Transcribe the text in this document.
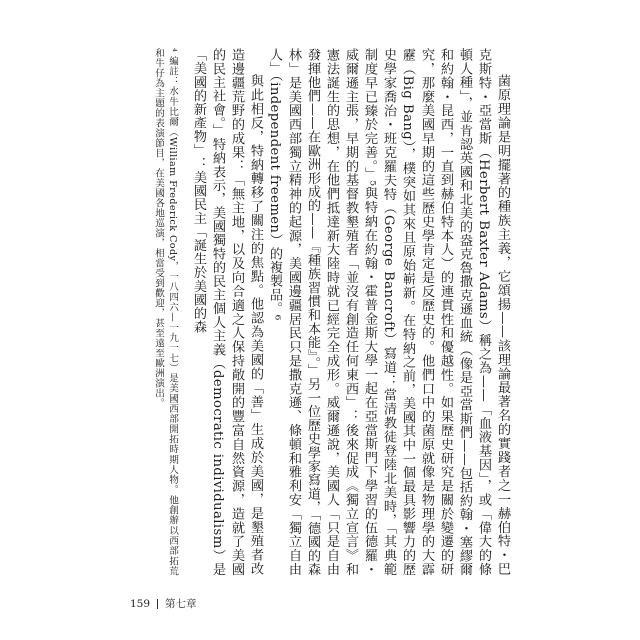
菌原理論是明擺著的種族主義，它頌揚——該理論最著名的實踐者之一赫伯特・巴克斯特・亞當斯（Herbert Baxter Adams）稱之為——「血液基因」，或「偉大的條頓人種」，並肯認英國和北美的盎克魯撒克遜血統（像是亞當斯們——包括約翰・塞繆爾和約翰・昆西，一直到赫伯特本人）的連貫性和優越性。如果歷史研究是關於變遷的研究，那麼美國早期的這些歷史學肯定是反歷史的。他們口中的菌原就像是物理學的大霹靂（Big Bang），樸突如其來且原始嶄新。在特納之前，美國其中一個最具影響力的歷史學家喬治・班克羅夫特（George Bancroft）寫道：當清教徒登陸北美時，「其典範制度早已臻於完善。」⁵與特納在約翰・霍普金斯大學一起在亞當斯門下學習的伍德羅・威爾遜主張，早期的基督教墾殖者「並沒有創造任何東西」：後來促成《獨立宣言》和憲法誕生的思想，在他們抵達新大陸時就已經完全成形。威爾遜說，美國人「只是自由發揮他們——在歐洲形成的——『種族習慣和本能』。」另一位歷史學家寫道，「德國的森林」是美國西部獨立精神的起源，美國邊疆居民只是撒克遜、條頓和雅利安「獨立自由人」（independent freemen）的複製品。⁶

與此相反，特納轉移了關注的焦點。他認為美國的「善」生成於美國，是墾殖者改造邊疆荒野的成果：「無主地，以及向合適之人保持敞開的豐富自然資源，造就了美國的民主社會。」特納表示，美國獨特的民主個人主義（democratic individualism）是「美國的新產物」：美國民主「誕生於美國的森

⁴ 編註：水牛比爾（William Frederick Cody，一八四六—一九一七）是美國西部開拓時期人物。他創辦以西部拓荒和牛仔為主題的表演節目，在美國各地巡演，相當受到歡迎，甚至遠至歐洲演出。

159 第七章
